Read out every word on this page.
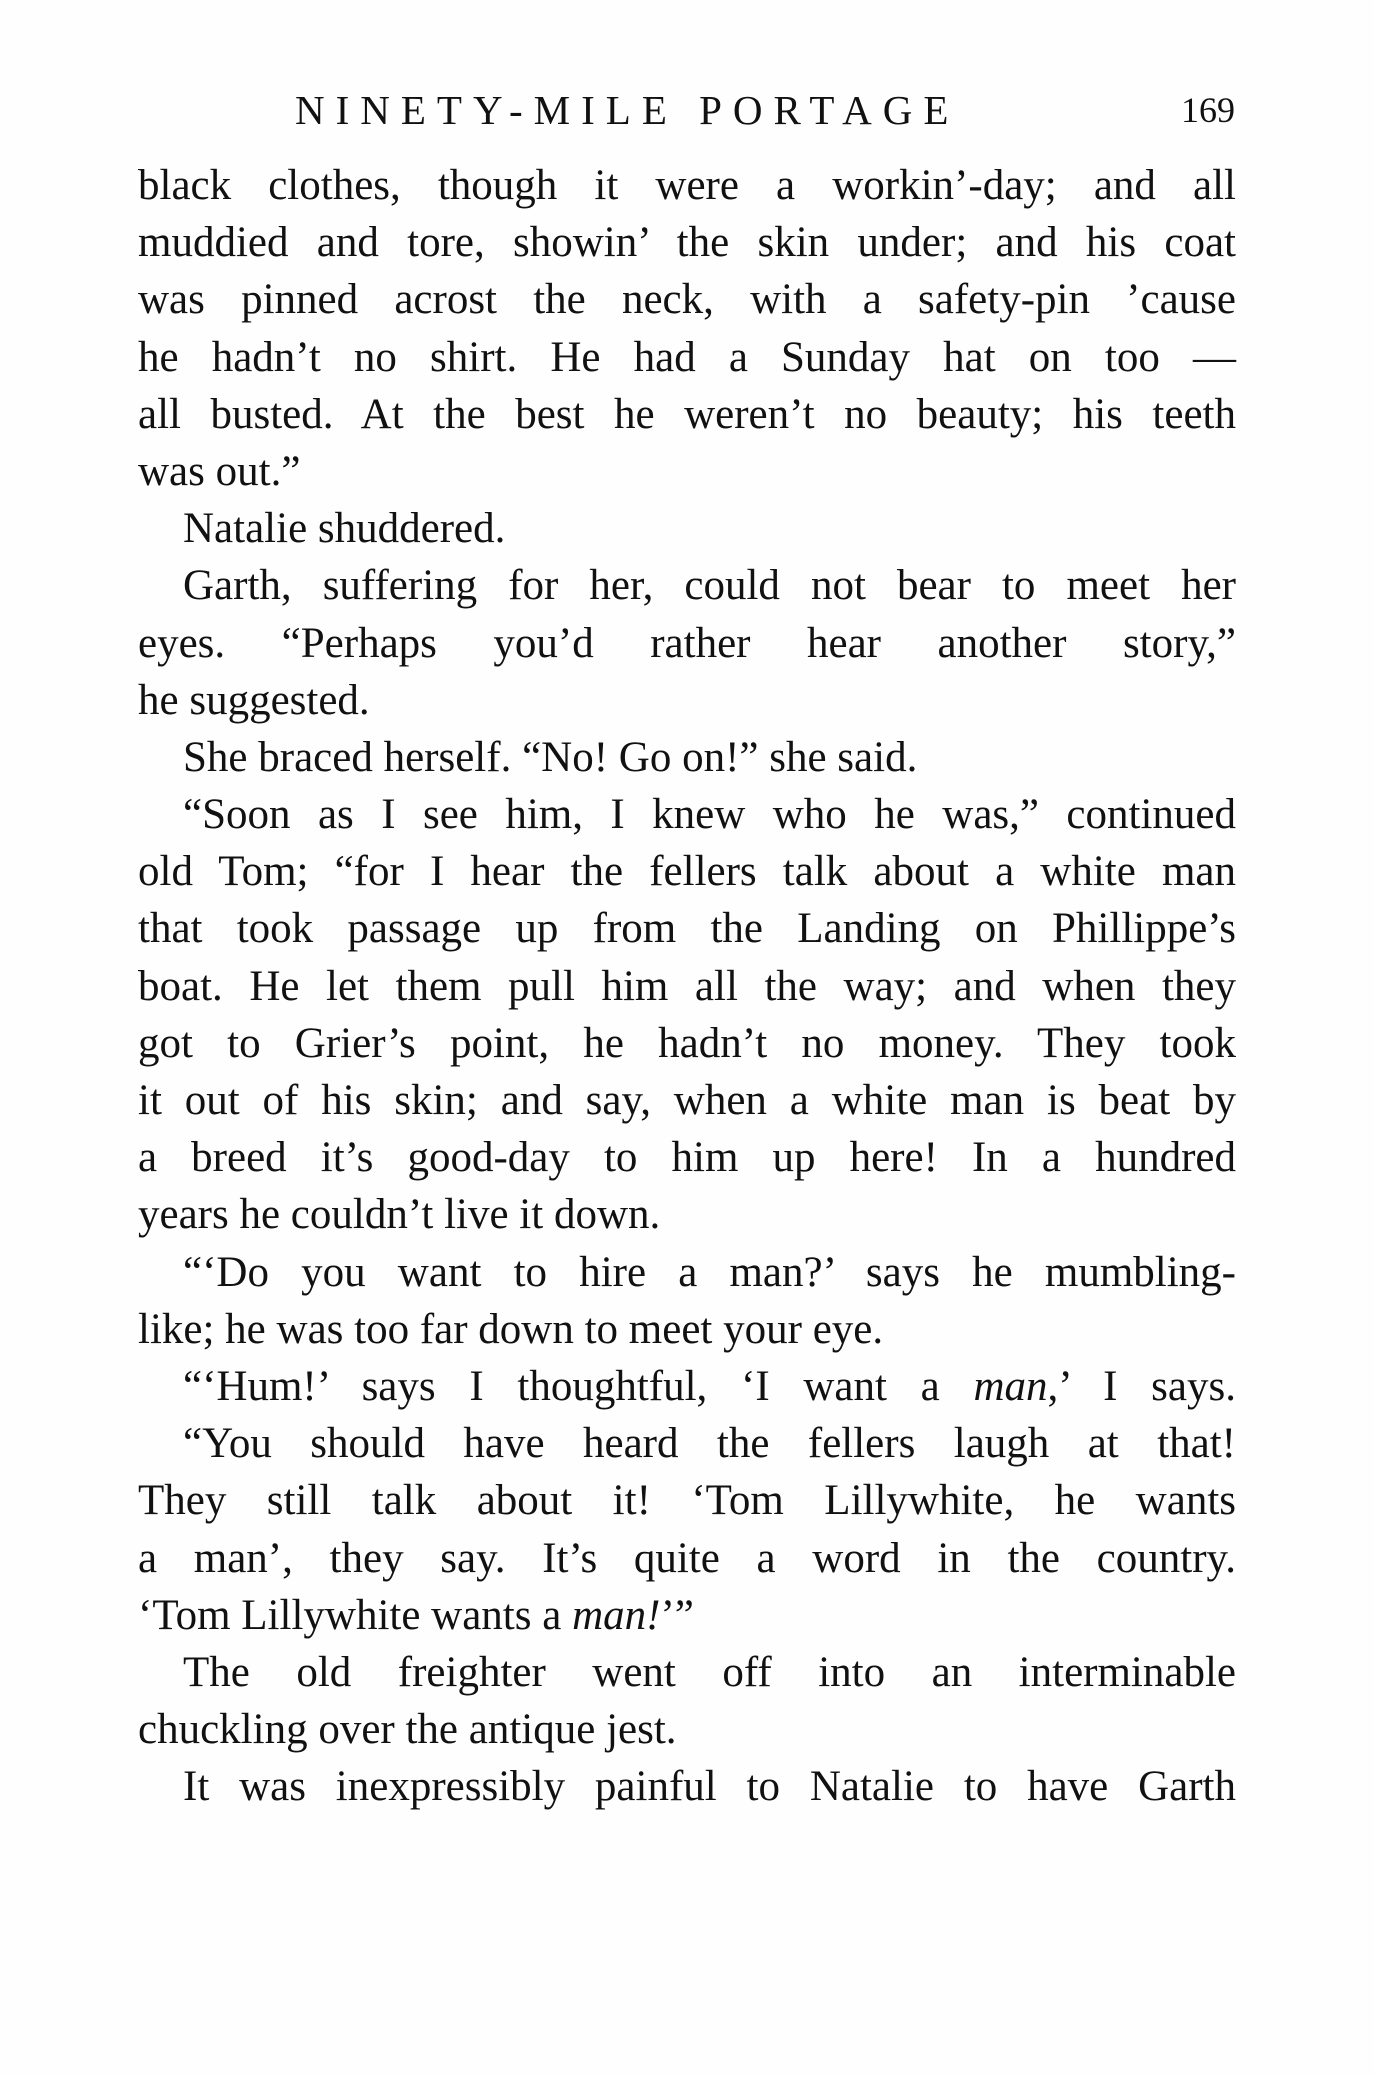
NINETY-MILE PORTAGE	169
black clothes, though it were a workin’-day; and all
muddied and tore, showin’ the skin under; and his coat
was pinned acrost the neck, with a safety-pin ’cause
he hadn’t no shirt. He had a Sunday hat on too —
all busted. At the best he weren’t no beauty; his teeth
was out.”
Natalie shuddered.
Garth, suffering for her, could not bear to meet her
eyes. “Perhaps you’d rather hear another story,”
he suggested.
She braced herself. “No! Go on!” she said.
“Soon as I see him, I knew who he was,” continued
old Tom; “for I hear the fellers talk about a white man
that took passage up from the Landing on Phillippe’s
boat. He let them pull him all the way; and when they
got to Grier’s point, he hadn’t no money. They took
it out of his skin; and say, when a white man is beat by
a breed it’s good-day to him up here! In a hundred
years he couldn’t live it down.
“‘Do you want to hire a man?’ says he mumbling-
like; he was too far down to meet your eye.
“‘Hum!’ says I thoughtful, ‘I want a man,’ I says.
“You should have heard the fellers laugh at that!
They still talk about it! ‘Tom Lillywhite, he wants
a man’, they say. It’s quite a word in the country.
‘Tom Lillywhite wants a man!’”
The old freighter went off into an interminable
chuckling over the antique jest.
It was inexpressibly painful to Natalie to have Garth
